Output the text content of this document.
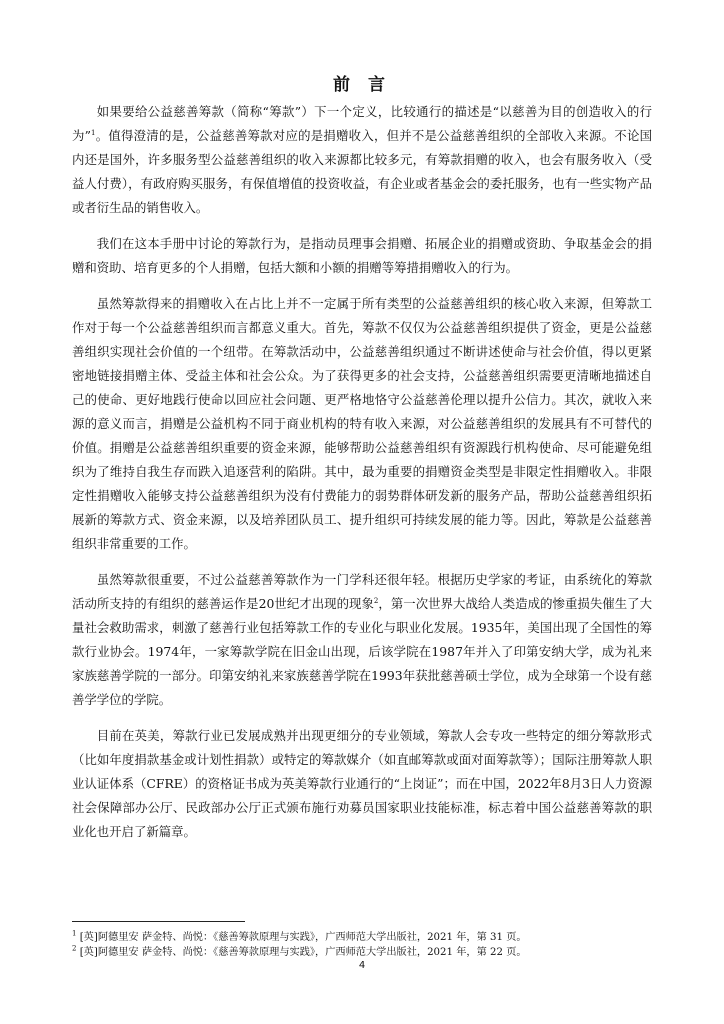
前 言

如果要给公益慈善筹款（简称“筹款”）下一个定义，比较通行的描述是“以慈善为目的创造收入的行为”$^1$。值得澄清的是，公益慈善筹款对应的是捐赠收入，但并不是公益慈善组织的全部收入来源。不论国内还是国外，许多服务型公益慈善组织的收入来源都比较多元，有筹款捐赠的收入，也会有服务收入（受益人付费），有政府购买服务，有保值增值的投资收益，有企业或者基金会的委托服务，也有一些实物产品或者衍生品的销售收入。

我们在这本手册中讨论的筹款行为，是指动员理事会捐赠、拓展企业的捐赠或资助、争取基金会的捐赠和资助、培育更多的个人捐赠，包括大额和小额的捐赠等筹措捐赠收入的行为。

虽然筹款得来的捐赠收入在占比上并不一定属于所有类型的公益慈善组织的核心收入来源，但筹款工作对于每一个公益慈善组织而言都意义重大。首先，筹款不仅仅为公益慈善组织提供了资金，更是公益慈善组织实现社会价值的一个纽带。在筹款活动中，公益慈善组织通过不断讲述使命与社会价值，得以更紧密地链接捐赠主体、受益主体和社会公众。为了获得更多的社会支持，公益慈善组织需要更清晰地描述自己的使命、更好地践行使命以回应社会问题、更严格地恪守公益慈善伦理以提升公信力。其次，就收入来源的意义而言，捐赠是公益机构不同于商业机构的特有收入来源，对公益慈善组织的发展具有不可替代的价值。捐赠是公益慈善组织重要的资金来源，能够帮助公益慈善组织有资源践行机构使命、尽可能避免组织为了维持自我生存而跌入追逐营利的陷阱。其中，最为重要的捐赠资金类型是非限定性捐赠收入。非限定性捐赠收入能够支持公益慈善组织为没有付费能力的弱势群体研发新的服务产品，帮助公益慈善组织拓展新的筹款方式、资金来源，以及培养团队员工、提升组织可持续发展的能力等。因此，筹款是公益慈善组织非常重要的工作。

虽然筹款很重要，不过公益慈善筹款作为一门学科还很年轻。根据历史学家的考证，由系统化的筹款活动所支持的有组织的慈善运作是20世纪才出现的现象$^2$，第一次世界大战给人类造成的惨重损失催生了大量社会救助需求，刺激了慈善行业包括筹款工作的专业化与职业化发展。1935年，美国出现了全国性的筹款行业协会。1974年，一家筹款学院在旧金山出现，后该学院在1987年并入了印第安纳大学，成为礼来家族慈善学院的一部分。印第安纳礼来家族慈善学院在1993年获批慈善硕士学位，成为全球第一个设有慈善学学位的学院。

目前在英美，筹款行业已发展成熟并出现更细分的专业领域，筹款人会专攻一些特定的细分筹款形式（比如年度捐款基金或计划性捐款）或特定的筹款媒介（如直邮筹款或面对面筹款等）；国际注册筹款人职业认证体系（CFRE）的资格证书成为英美筹款行业通行的“上岗证”；而在中国，2022年8月3日人力资源社会保障部办公厅、民政部办公厅正式颁布施行劝募员国家职业技能标准，标志着中国公益慈善筹款的职业化也开启了新篇章。

$^1$ [英]阿德里安 萨金特、尚悦：《慈善筹款原理与实践》，广西师范大学出版社，2021 年，第 31 页。

$^2$ [英]阿德里安 萨金特、尚悦：《慈善筹款原理与实践》，广西师范大学出版社，2021 年，第 22 页。

4
